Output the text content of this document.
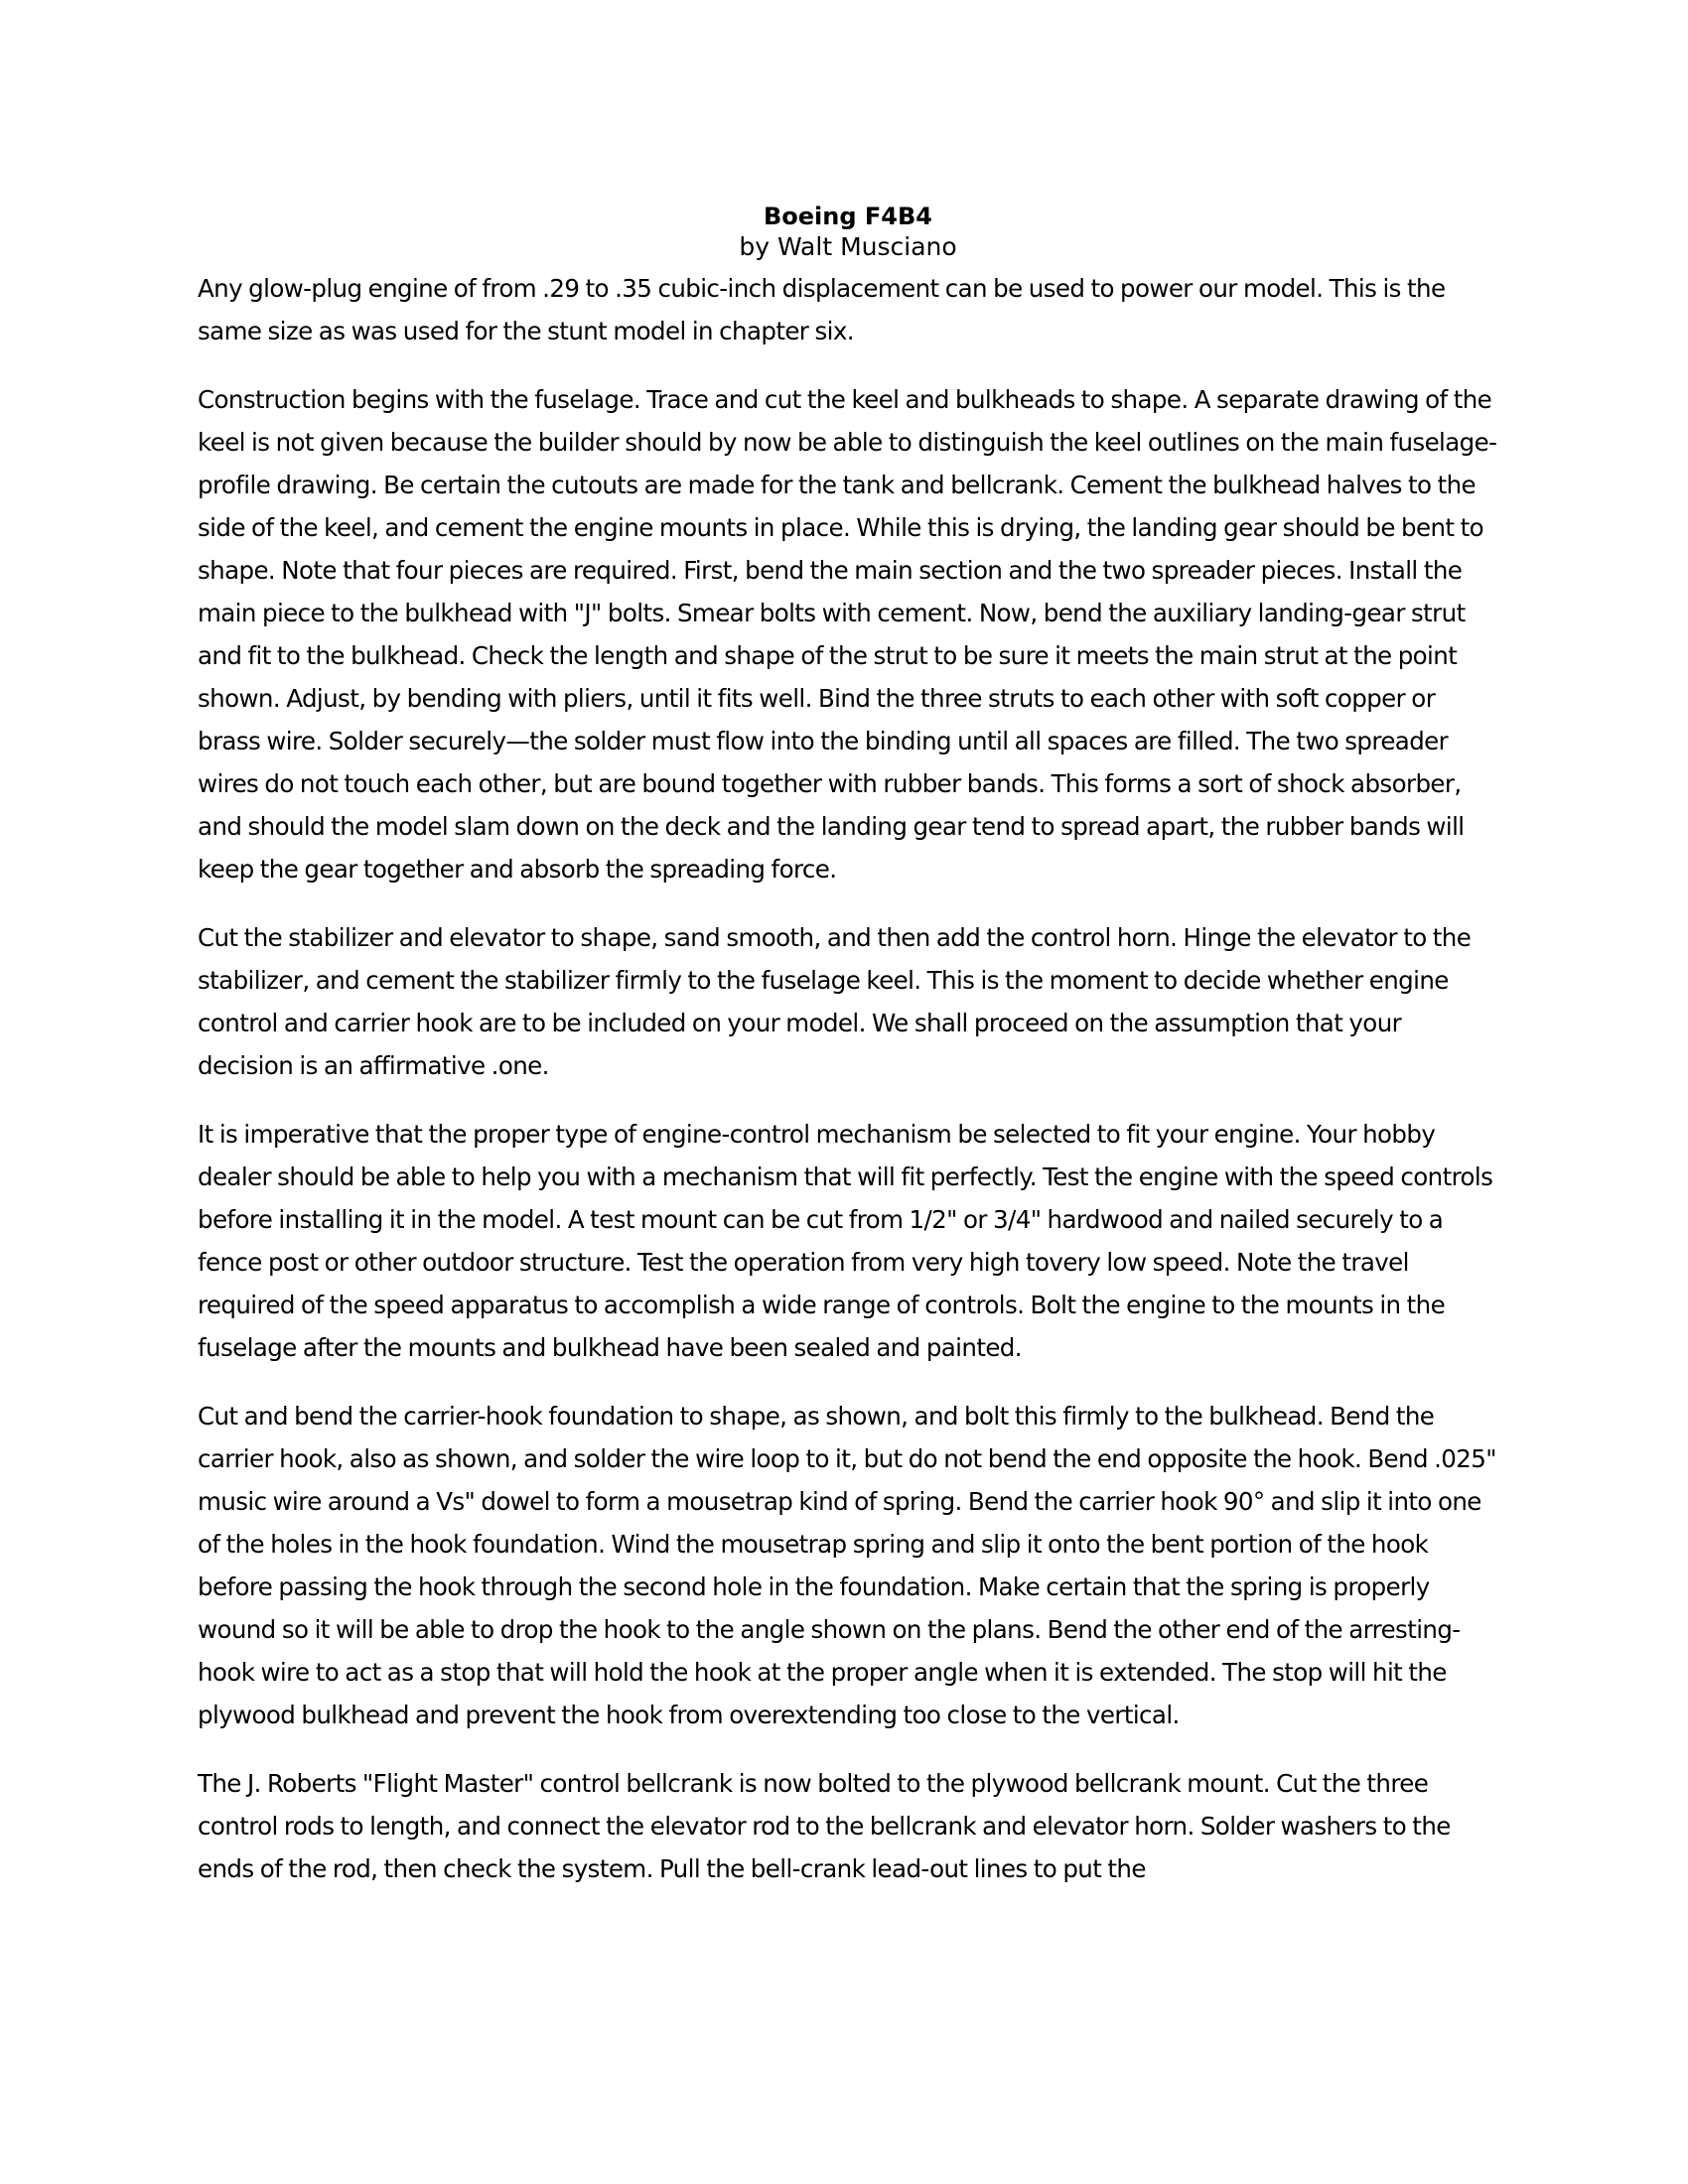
Boeing F4B4
by Walt Musciano

Any glow-plug engine of from .29 to .35 cubic-inch displacement can be used to power our model. This is the same size as was used for the stunt model in chapter six.

Construction begins with the fuselage. Trace and cut the keel and bulkheads to shape. A separate drawing of the keel is not given because the builder should by now be able to distinguish the keel outlines on the main fuselage-profile drawing. Be certain the cutouts are made for the tank and bellcrank. Cement the bulkhead halves to the side of the keel, and cement the engine mounts in place. While this is drying, the landing gear should be bent to shape. Note that four pieces are required. First, bend the main section and the two spreader pieces. Install the main piece to the bulkhead with "J" bolts. Smear bolts with cement. Now, bend the auxiliary landing-gear strut and fit to the bulkhead. Check the length and shape of the strut to be sure it meets the main strut at the point shown. Adjust, by bending with pliers, until it fits well. Bind the three struts to each other with soft copper or brass wire. Solder securely—the solder must flow into the binding until all spaces are filled. The two spreader wires do not touch each other, but are bound together with rubber bands. This forms a sort of shock absorber, and should the model slam down on the deck and the landing gear tend to spread apart, the rubber bands will keep the gear together and absorb the spreading force.

Cut the stabilizer and elevator to shape, sand smooth, and then add the control horn. Hinge the elevator to the stabilizer, and cement the stabilizer firmly to the fuselage keel. This is the moment to decide whether engine control and carrier hook are to be included on your model. We shall proceed on the assumption that your decision is an affirmative .one.

It is imperative that the proper type of engine-control mechanism be selected to fit your engine. Your hobby dealer should be able to help you with a mechanism that will fit perfectly. Test the engine with the speed controls before installing it in the model. A test mount can be cut from 1/2" or 3/4" hardwood and nailed securely to a fence post or other outdoor structure. Test the operation from very high tovery low speed. Note the travel required of the speed apparatus to accomplish a wide range of controls. Bolt the engine to the mounts in the fuselage after the mounts and bulkhead have been sealed and painted.

Cut and bend the carrier-hook foundation to shape, as shown, and bolt this firmly to the bulkhead. Bend the carrier hook, also as shown, and solder the wire loop to it, but do not bend the end opposite the hook. Bend .025" music wire around a Vs" dowel to form a mousetrap kind of spring. Bend the carrier hook 90° and slip it into one of the holes in the hook foundation. Wind the mousetrap spring and slip it onto the bent portion of the hook before passing the hook through the second hole in the foundation. Make certain that the spring is properly wound so it will be able to drop the hook to the angle shown on the plans. Bend the other end of the arresting-hook wire to act as a stop that will hold the hook at the proper angle when it is extended. The stop will hit the plywood bulkhead and prevent the hook from overextending too close to the vertical.

The J. Roberts "Flight Master" control bellcrank is now bolted to the plywood bellcrank mount. Cut the three control rods to length, and connect the elevator rod to the bellcrank and elevator horn. Solder washers to the ends of the rod, then check the system. Pull the bell-crank lead-out lines to put the
